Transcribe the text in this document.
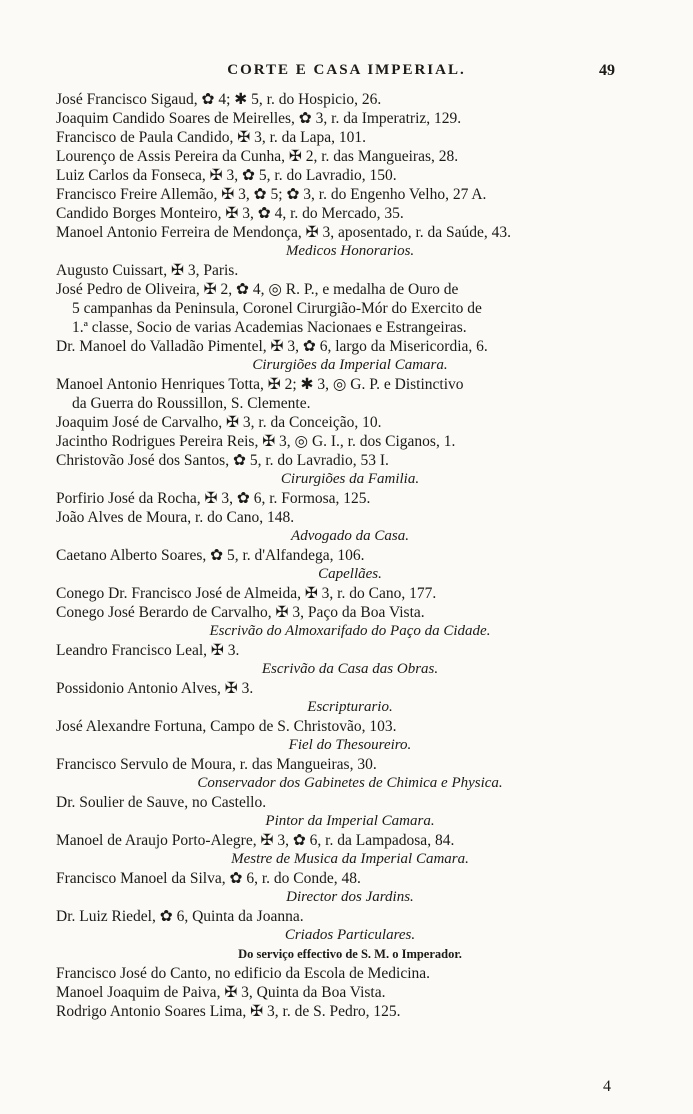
CORTE E CASA IMPERIAL.	49
José Francisco Sigaud, ✿ 4; ✱ 5, r. do Hospicio, 26.
Joaquim Candido Soares de Meirelles, ✿ 3, r. da Imperatriz, 129.
Francisco de Paula Candido, ✠ 3, r. da Lapa, 101.
Lourenço de Assis Pereira da Cunha, ✠ 2, r. das Mangueiras, 28.
Luiz Carlos da Fonseca, ✠ 3, ✿ 5, r. do Lavradio, 150.
Francisco Freire Allemão, ✠ 3, ✿ 5; ✿ 3, r. do Engenho Velho, 27 A.
Candido Borges Monteiro, ✠ 3, ✿ 4, r. do Mercado, 35.
Manoel Antonio Ferreira de Mendonça, ✠ 3, aposentado, r. da Saúde, 43.
Medicos Honorarios.
Augusto Cuissart, ✠ 3, Paris.
José Pedro de Oliveira, ✠ 2, ✿ 4, ◎ R. P., e medalha de Ouro de
5 campanhas da Peninsula, Coronel Cirurgião-Mór do Exercito de
1.ª classe, Socio de varias Academias Nacionaes e Estrangeiras.
Dr. Manoel do Valladão Pimentel, ✠ 3, ✿ 6, largo da Misericordia, 6.
Cirurgiões da Imperial Camara.
Manoel Antonio Henriques Totta, ✠ 2; ✱ 3, ◎ G. P. e Distinctivo
da Guerra do Roussillon, S. Clemente.
Joaquim José de Carvalho, ✠ 3, r. da Conceição, 10.
Jacintho Rodrigues Pereira Reis, ✠ 3, ◎ G. I., r. dos Ciganos, 1.
Christovão José dos Santos, ✿ 5, r. do Lavradio, 53 I.
Cirurgiões da Familia.
Porfirio José da Rocha, ✠ 3, ✿ 6, r. Formosa, 125.
João Alves de Moura, r. do Cano, 148.
Advogado da Casa.
Caetano Alberto Soares, ✿ 5, r. d'Alfandega, 106.
Capellães.
Conego Dr. Francisco José de Almeida, ✠ 3, r. do Cano, 177.
Conego José Berardo de Carvalho, ✠ 3, Paço da Boa Vista.
Escrivão do Almoxarifado do Paço da Cidade.
Leandro Francisco Leal, ✠ 3.
Escrivão da Casa das Obras.
Possidonio Antonio Alves, ✠ 3.
Escripturario.
José Alexandre Fortuna, Campo de S. Christovão, 103.
Fiel do Thesoureiro.
Francisco Servulo de Moura, r. das Mangueiras, 30.
Conservador dos Gabinetes de Chimica e Physica.
Dr. Soulier de Sauve, no Castello.
Pintor da Imperial Camara.
Manoel de Araujo Porto-Alegre, ✠ 3, ✿ 6, r. da Lampadosa, 84.
Mestre de Musica da Imperial Camara.
Francisco Manoel da Silva, ✿ 6, r. do Conde, 48.
Director dos Jardins.
Dr. Luiz Riedel, ✿ 6, Quinta da Joanna.
Criados Particulares.
Do serviço effectivo de S. M. o Imperador.
Francisco José do Canto, no edificio da Escola de Medicina.
Manoel Joaquim de Paiva, ✠ 3, Quinta da Boa Vista.
Rodrigo Antonio Soares Lima, ✠ 3, r. de S. Pedro, 125.
4
